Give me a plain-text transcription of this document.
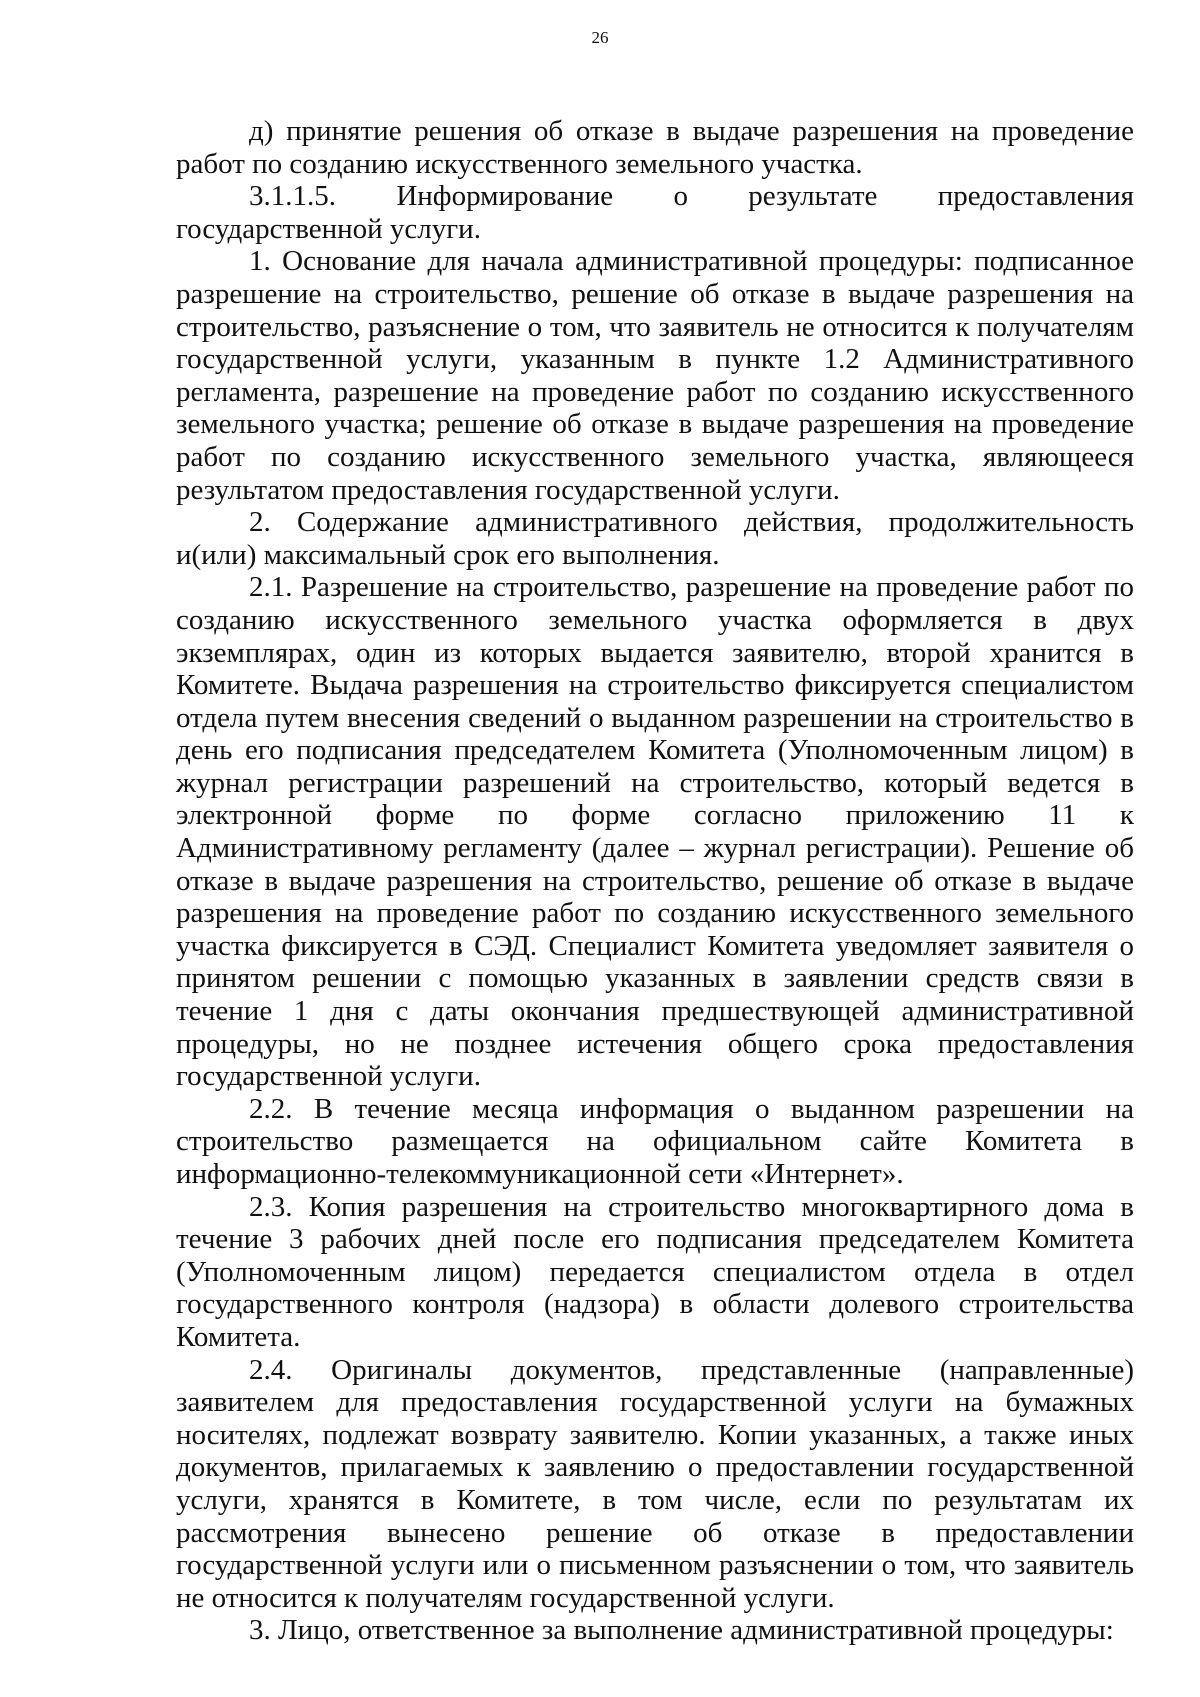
26

д) принятие решения об отказе в выдаче разрешения на проведение работ по созданию искусственного земельного участка.

3.1.1.5. Информирование о результате предоставления государственной услуги.

1. Основание для начала административной процедуры: подписанное разрешение на строительство, решение об отказе в выдаче разрешения на строительство, разъяснение о том, что заявитель не относится к получателям государственной услуги, указанным в пункте 1.2 Административного регламента, разрешение на проведение работ по созданию искусственного земельного участка; решение об отказе в выдаче разрешения на проведение работ по созданию искусственного земельного участка, являющееся результатом предоставления государственной услуги.

2. Содержание административного действия, продолжительность и(или) максимальный срок его выполнения.

2.1. Разрешение на строительство, разрешение на проведение работ по созданию искусственного земельного участка оформляется в двух экземплярах, один из которых выдается заявителю, второй хранится в Комитете. Выдача разрешения на строительство фиксируется специалистом отдела путем внесения сведений о выданном разрешении на строительство в день его подписания председателем Комитета (Уполномоченным лицом) в журнал регистрации разрешений на строительство, который ведется в электронной форме по форме согласно приложению 11 к Административному регламенту (далее – журнал регистрации). Решение об отказе в выдаче разрешения на строительство, решение об отказе в выдаче разрешения на проведение работ по созданию искусственного земельного участка фиксируется в СЭД. Специалист Комитета уведомляет заявителя о принятом решении с помощью указанных в заявлении средств связи в течение 1 дня с даты окончания предшествующей административной процедуры, но не позднее истечения общего срока предоставления государственной услуги.

2.2. В течение месяца информация о выданном разрешении на строительство размещается на официальном сайте Комитета в информационно-телекоммуникационной сети «Интернет».

2.3. Копия разрешения на строительство многоквартирного дома в течение 3 рабочих дней после его подписания председателем Комитета (Уполномоченным лицом) передается специалистом отдела в отдел государственного контроля (надзора) в области долевого строительства Комитета.

2.4. Оригиналы документов, представленные (направленные) заявителем для предоставления государственной услуги на бумажных носителях, подлежат возврату заявителю. Копии указанных, а также иных документов, прилагаемых к заявлению о предоставлении государственной услуги, хранятся в Комитете, в том числе, если по результатам их рассмотрения вынесено решение об отказе в предоставлении государственной услуги или о письменном разъяснении о том, что заявитель не относится к получателям государственной услуги.

3. Лицо, ответственное за выполнение административной процедуры:
